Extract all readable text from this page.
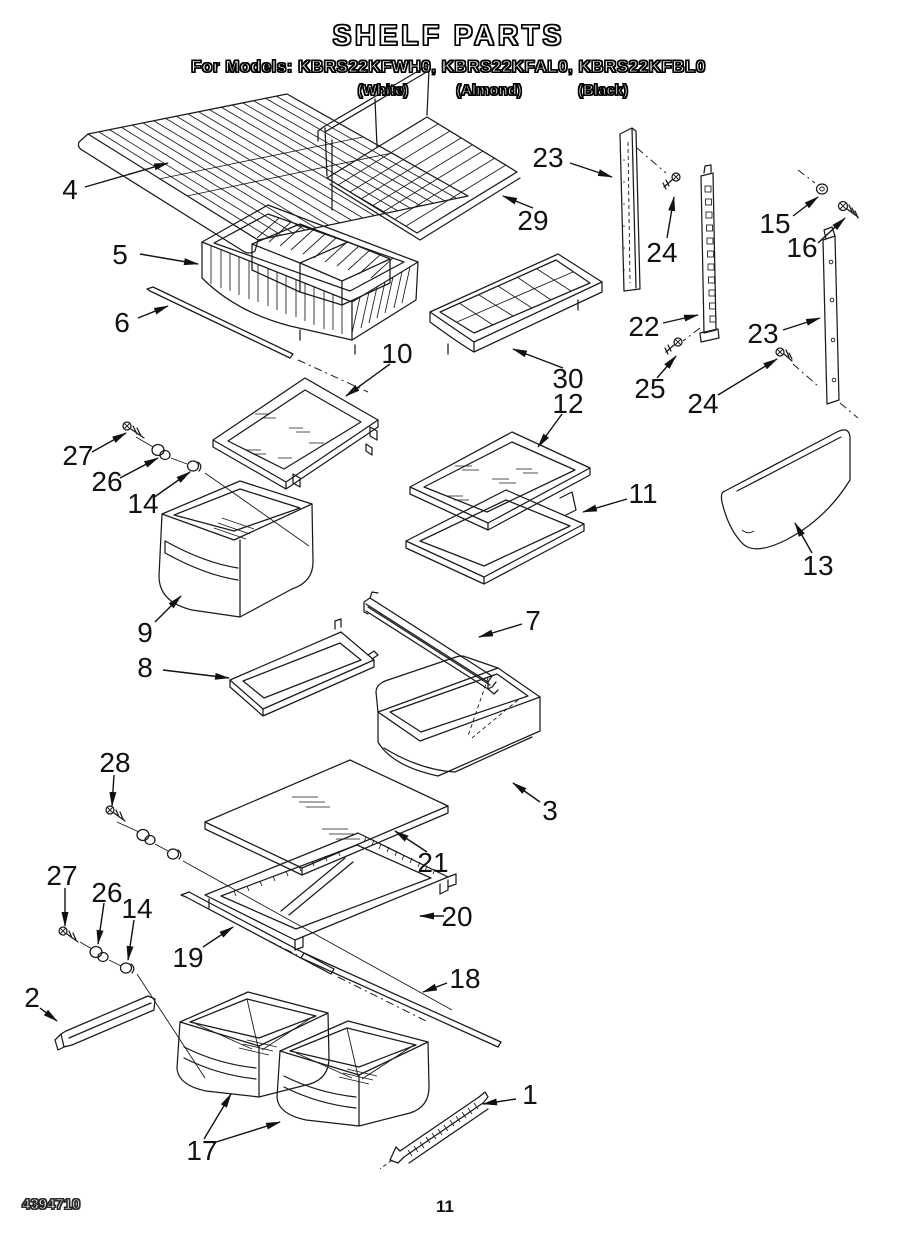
SHELF PARTS
For Models: KBRS22KFWH0, KBRS22KFAL0, KBRS22KFBL0
(White)	(Almond)	(Black)
4
29
23
24
15
16
5
6	22
25
23
24
10
30
12
11
27
26
14
9
13
7
8
3
21
28
27
26
14
19
20
18
2
17
1
4394710	11
